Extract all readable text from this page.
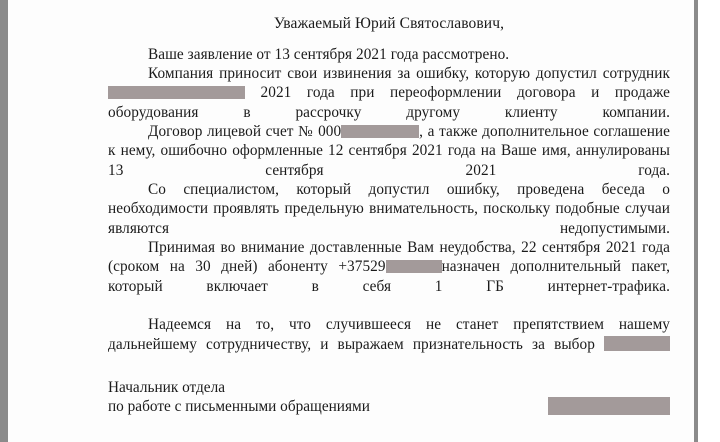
Уважаемый Юрий Святославович,
Ваше заявление от 13 сентября 2021 года рассмотрено.
Компания приносит свои извинения за ошибку, которую допустил сотрудник 2021 года при переоформлении договора и продаже оборудования в рассрочку другому клиенту компании.
Договор лицевой счет № 000	, а также дополнительное соглашение к нему, ошибочно оформленные 12 сентября 2021 года на Ваше имя, аннулированы 13 сентября 2021 года.
Со специалистом, который допустил ошибку, проведена беседа о необходимости проявлять предельную внимательность, поскольку подобные случаи являются недопустимыми.
Принимая во внимание доставленные Вам неудобства, 22 сентября 2021 года (сроком на 30 дней) абоненту +37529	назначен дополнительный пакет, который включает в себя 1 ГБ интернет-трафика.
Надеемся на то, что случившееся не станет препятствием нашему дальнейшему сотрудничеству, и выражаем признательность за выбор
Начальник отдела
по работе с письменными обращениями
